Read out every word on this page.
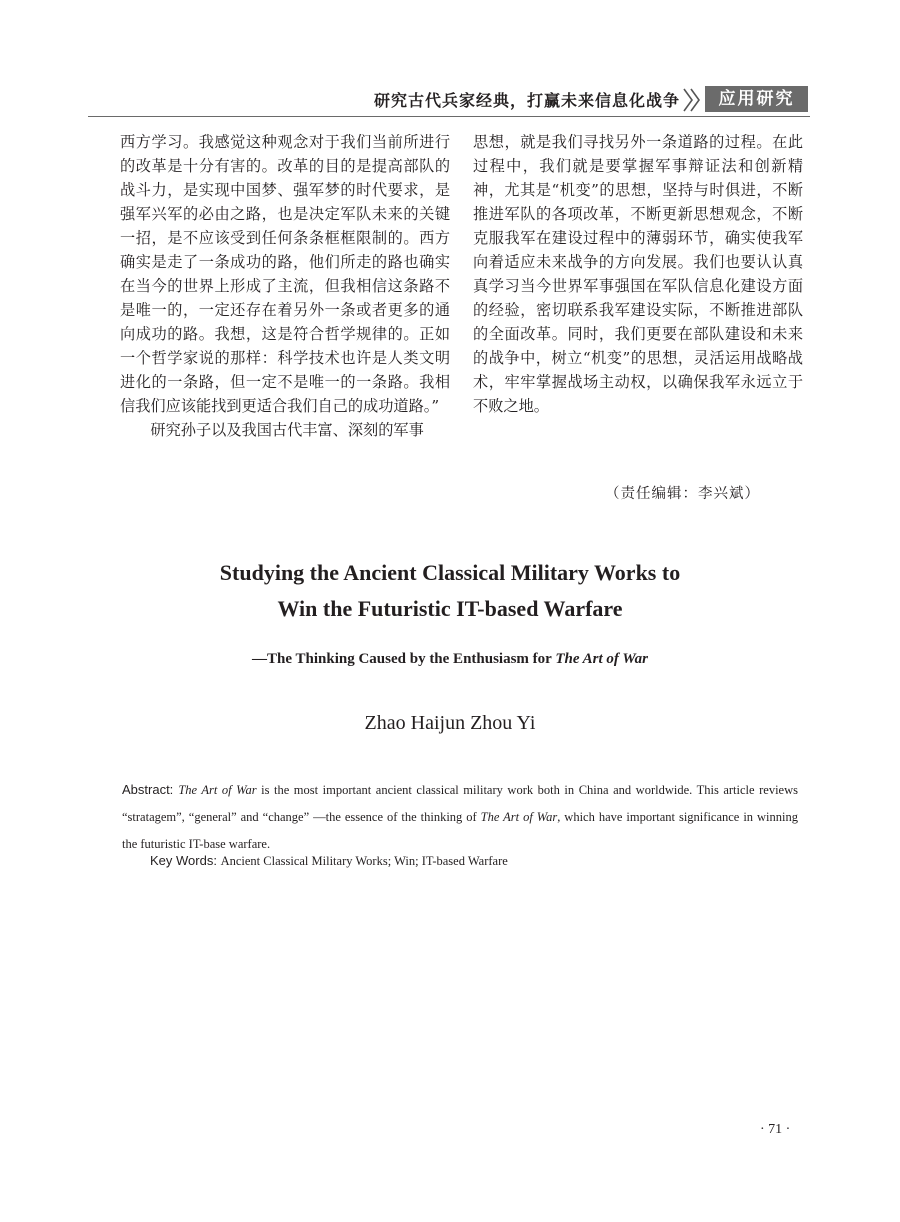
研究古代兵家经典，打赢未来信息化战争	应用研究

西方学习。我感觉这种观念对于我们当前所进行的改革是十分有害的。改革的目的是提高部队的战斗力，是实现中国梦、强军梦的时代要求，是强军兴军的必由之路，也是决定军队未来的关键一招，是不应该受到任何条条框框限制的。西方确实是走了一条成功的路，他们所走的路也确实在当今的世界上形成了主流，但我相信这条路不是唯一的，一定还存在着另外一条或者更多的通向成功的路。我想，这是符合哲学规律的。正如一个哲学家说的那样：科学技术也许是人类文明进化的一条路，但一定不是唯一的一条路。我相信我们应该能找到更适合我们自己的成功道路。”

研究孙子以及我国古代丰富、深刻的军事

思想，就是我们寻找另外一条道路的过程。在此过程中，我们就是要掌握军事辩证法和创新精神，尤其是“机变”的思想，坚持与时俱进，不断推进军队的各项改革，不断更新思想观念，不断克服我军在建设过程中的薄弱环节，确实使我军向着适应未来战争的方向发展。我们也要认认真真学习当今世界军事强国在军队信息化建设方面的经验，密切联系我军建设实际，不断推进部队的全面改革。同时，我们更要在部队建设和未来的战争中，树立“机变”的思想，灵活运用战略战术，牢牢掌握战场主动权，以确保我军永远立于不败之地。

（责任编辑：李兴斌）
Studying the Ancient Classical Military Works to
Win the Futuristic IT-based Warfare
—The Thinking Caused by the Enthusiasm for The Art of War
Zhao Haijun Zhou Yi
Abstract: The Art of War is the most important ancient classical military work both in China and worldwide. This article reviews “stratagem”, “general” and “change” —the essence of the thinking of The Art of War, which have important significance in winning the futuristic IT-base warfare.
Key Words: Ancient Classical Military Works; Win; IT-based Warfare
· 71 ·
